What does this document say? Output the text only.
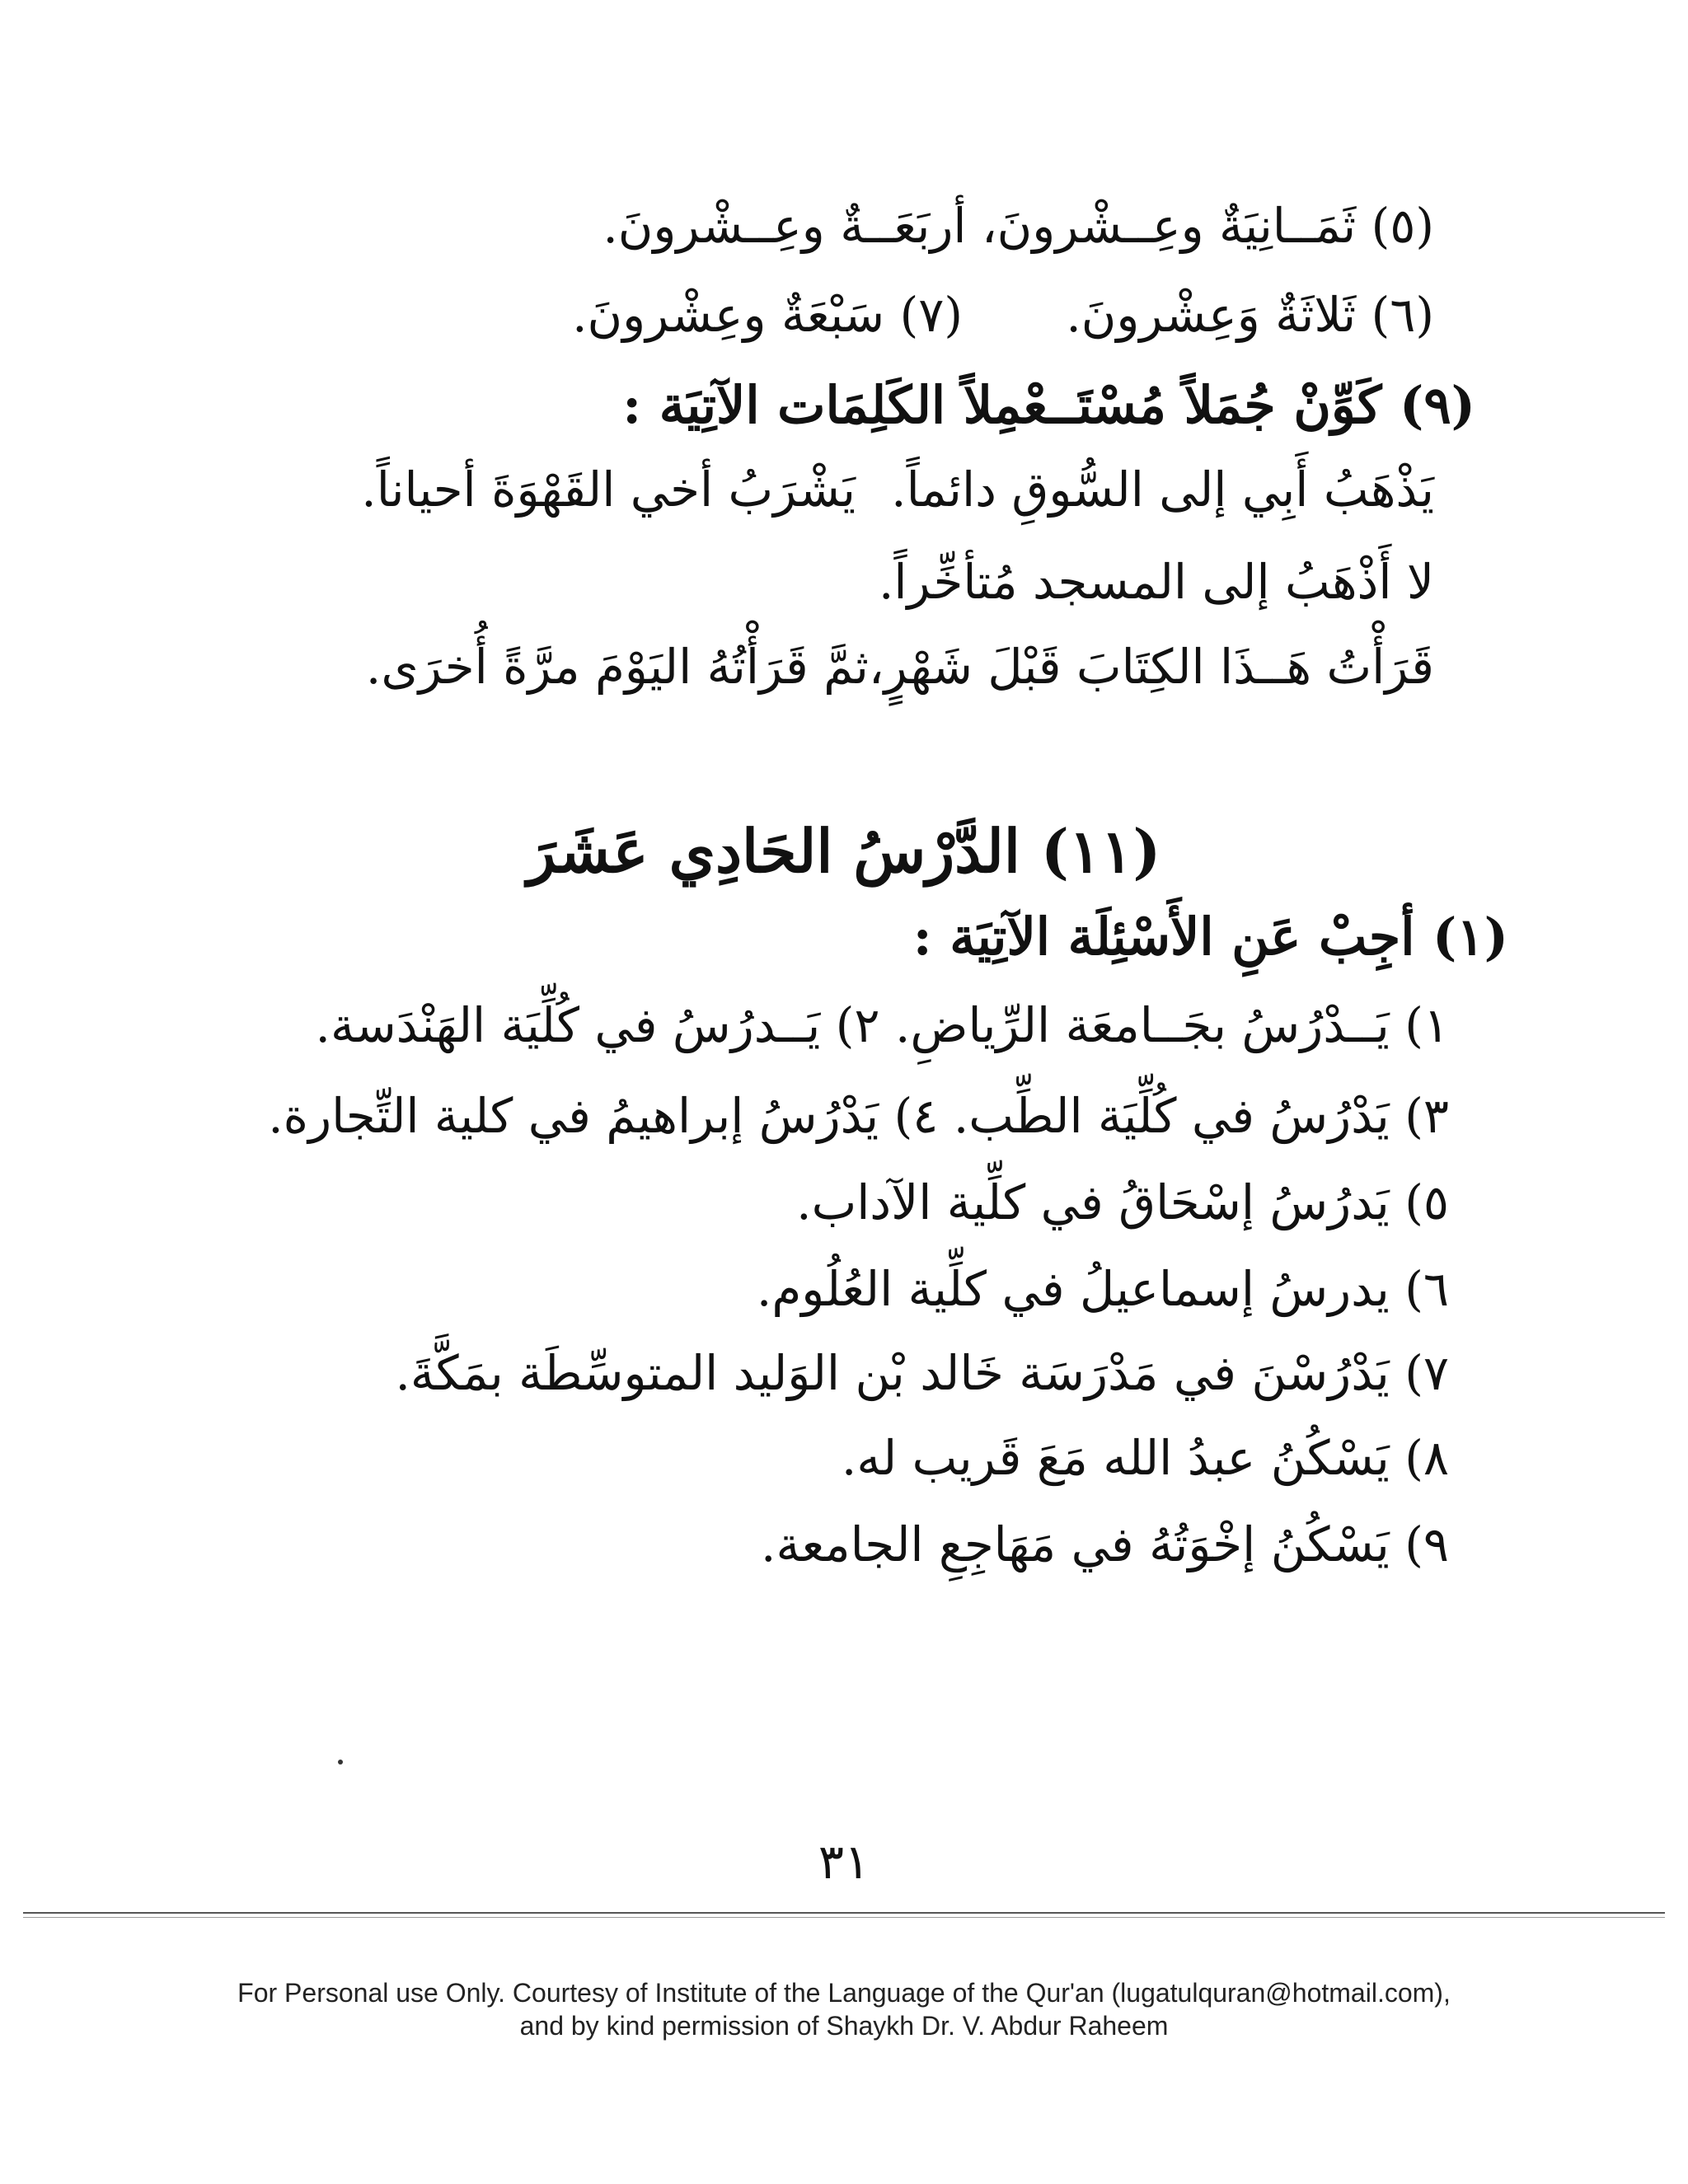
(٥) ثَمَــانِيَةٌ وعِــشْرونَ، أربَعَــةٌ وعِــشْرونَ.
(٦) ثَلاثَةٌ وَعِشْرونَ.
(٧) سَبْعَةٌ وعِشْرونَ.
(٩) كَوِّنْ جُمَلاً مُسْتَــعْمِلاً الكَلِمَات الآتِيَة :
يَذْهَبُ أَبِي إلى السُّوقِ دائماً.
يَشْرَبُ أخي القَهْوَةَ أحياناً.
لا أَذْهَبُ إلى المسجد مُتأخِّراً.
قَرَأْتُ هَــذَا الكِتَابَ قَبْلَ شَهْرٍ،ثمَّ قَرَأْتُهُ اليَوْمَ مرَّةً أُخرَى.
(١١) الدَّرْسُ الحَادِي عَشَرَ
(١) أجِبْ عَنِ الأَسْئِلَة الآتِيَة :
١) يَــدْرُسُ بجَــامعَة الرِّياضِ. ٢) يَــدرُسُ في كُلِّيَة الهَنْدَسة.
٣) يَدْرُسُ في كُلِّيَة الطِّب. ٤) يَدْرُسُ إبراهيمُ في كلية التِّجارة.
٥) يَدرُسُ إسْحَاقُ في كلِّية الآداب.
٦) يدرسُ إسماعيلُ في كلِّية العُلُوم.
٧) يَدْرُسْنَ في مَدْرَسَة خَالد بْن الوَليد المتوسِّطَة بمَكَّةَ.
٨) يَسْكُنُ عبدُ الله مَعَ قَريب له.
٩) يَسْكُنُ إخْوَتُهُ في مَهَاجِعِ الجامعة.
٣١
For Personal use Only. Courtesy of Institute of the Language of the Qur'an (lugatulquran@hotmail.com),
and by kind permission of Shaykh Dr. V. Abdur Raheem
